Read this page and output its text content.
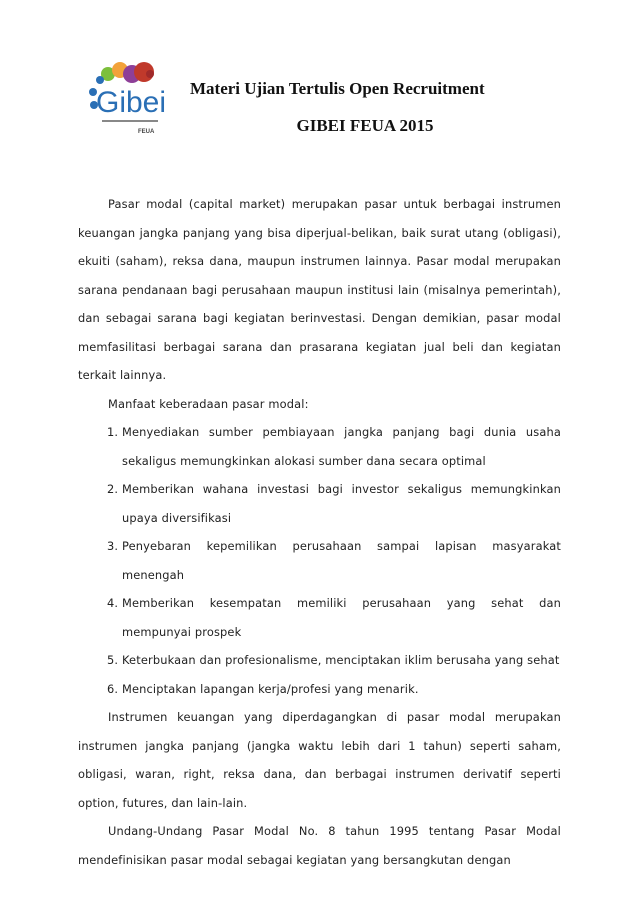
Gibei
FEUA
Materi Ujian Tertulis Open Recruitment
GIBEI FEUA 2015
Pasar modal (capital market) merupakan pasar untuk berbagai instrumen keuangan jangka panjang yang bisa diperjual-belikan, baik surat utang (obligasi), ekuiti (saham), reksa dana, maupun instrumen lainnya. Pasar modal merupakan sarana pendanaan bagi perusahaan maupun institusi lain (misalnya pemerintah), dan sebagai sarana bagi kegiatan berinvestasi. Dengan demikian, pasar modal memfasilitasi berbagai sarana dan prasarana kegiatan jual beli dan kegiatan terkait lainnya.
Manfaat keberadaan pasar modal:
1. Menyediakan sumber pembiayaan jangka panjang bagi dunia usaha sekaligus memungkinkan alokasi sumber dana secara optimal
2. Memberikan wahana investasi bagi investor sekaligus memungkinkan upaya diversifikasi
3. Penyebaran kepemilikan perusahaan sampai lapisan masyarakat menengah
4. Memberikan kesempatan memiliki perusahaan yang sehat dan mempunyai prospek
5. Keterbukaan dan profesionalisme, menciptakan iklim berusaha yang sehat
6. Menciptakan lapangan kerja/profesi yang menarik.
Instrumen keuangan yang diperdagangkan di pasar modal merupakan instrumen jangka panjang (jangka waktu lebih dari 1 tahun) seperti saham, obligasi, waran, right, reksa dana, dan berbagai instrumen derivatif seperti option, futures, dan lain-lain.
Undang-Undang Pasar Modal No. 8 tahun 1995 tentang Pasar Modal mendefinisikan pasar modal sebagai kegiatan yang bersangkutan dengan
